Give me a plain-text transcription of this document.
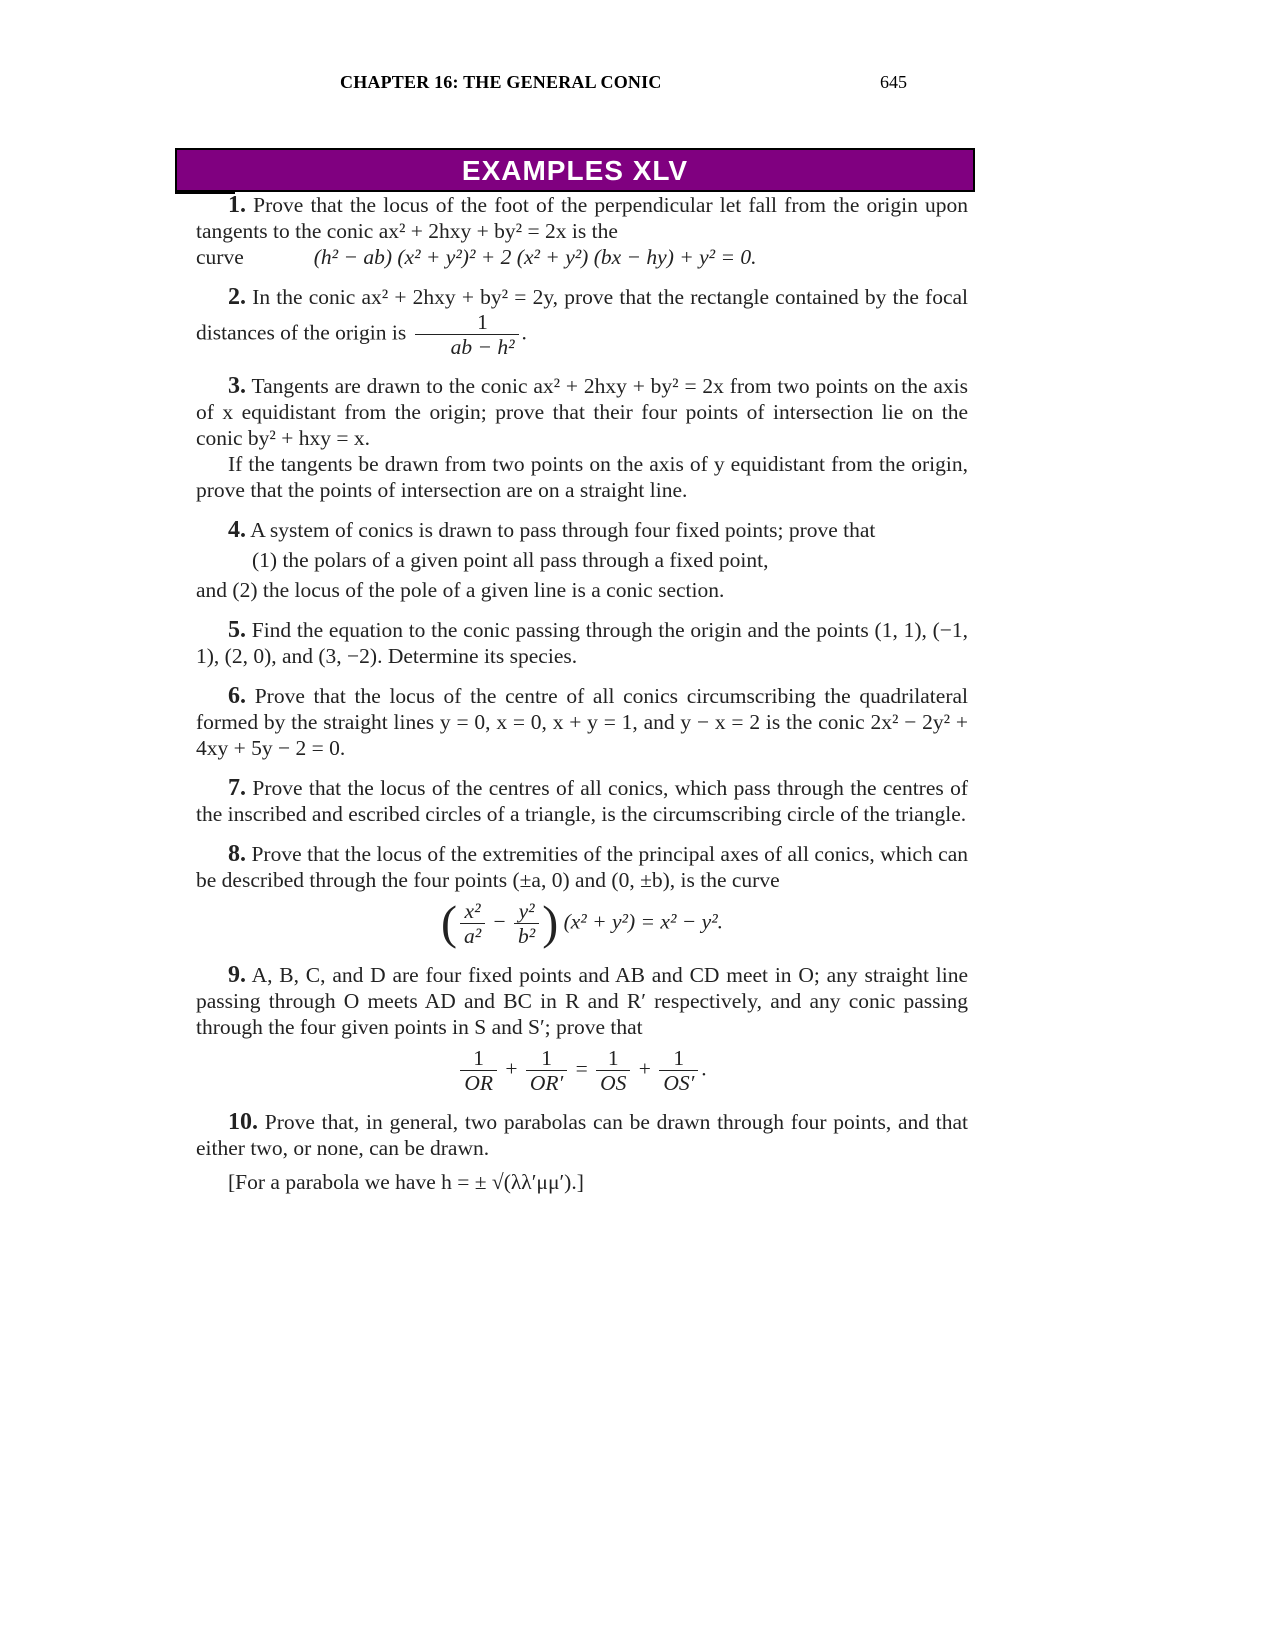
CHAPTER 16: THE GENERAL CONIC	645
EXAMPLES XLV

1. Prove that the locus of the foot of the perpendicular let fall from the origin upon tangents to the conic ax² + 2hxy + by² = 2x is the

curve	(h² − ab) (x² + y²)² + 2 (x² + y²) (bx − hy) + y² = 0.

2. In the conic ax² + 2hxy + by² = 2y, prove that the rectangle contained by the focal distances of the origin is $\frac{1}{\text{ab − h²}}$ .

3. Tangents are drawn to the conic ax² + 2hxy + by² = 2x from two points on the axis of x equidistant from the origin; prove that their four points of intersection lie on the conic by² + hxy = x.

If the tangents be drawn from two points on the axis of y equidistant from the origin, prove that the points of intersection are on a straight line.

4. A system of conics is drawn to pass through four fixed points; prove that

(1) the polars of a given point all pass through a fixed point,

and (2) the locus of the pole of a given line is a conic section.

5. Find the equation to the conic passing through the origin and the points (1, 1), (−1, 1), (2, 0), and (3, −2). Determine its species.

6. Prove that the locus of the centre of all conics circumscribing the quadrilateral formed by the straight lines y = 0, x = 0, x + y = 1, and y − x = 2 is the conic 2x² − 2y² + 4xy + 5y − 2 = 0.

7. Prove that the locus of the centres of all conics, which pass through the centres of the inscribed and escribed circles of a triangle, is the circumscribing circle of the triangle.

8. Prove that the locus of the extremities of the principal axes of all conics, which can be described through the four points (±a, 0) and (0, ±b), is the curve

( $\frac{\text{x²}}{\text{a²}} - \frac{\text{y²}}{\text{b²}}$ ) (x² + y²) = x² − y².

9. A, B, C, and D are four fixed points and AB and CD meet in O; any straight line passing through O meets AD and BC in R and R′ respectively, and any conic passing through the four given points in S and S′; prove that

$\frac{1}{OR} + \frac{1}{OR'} = \frac{1}{OS} + \frac{1}{OS'}$ .

10. Prove that, in general, two parabolas can be drawn through four points, and that either two, or none, can be drawn.

[For a parabola we have h = ± √(λλ′μμ′).]
